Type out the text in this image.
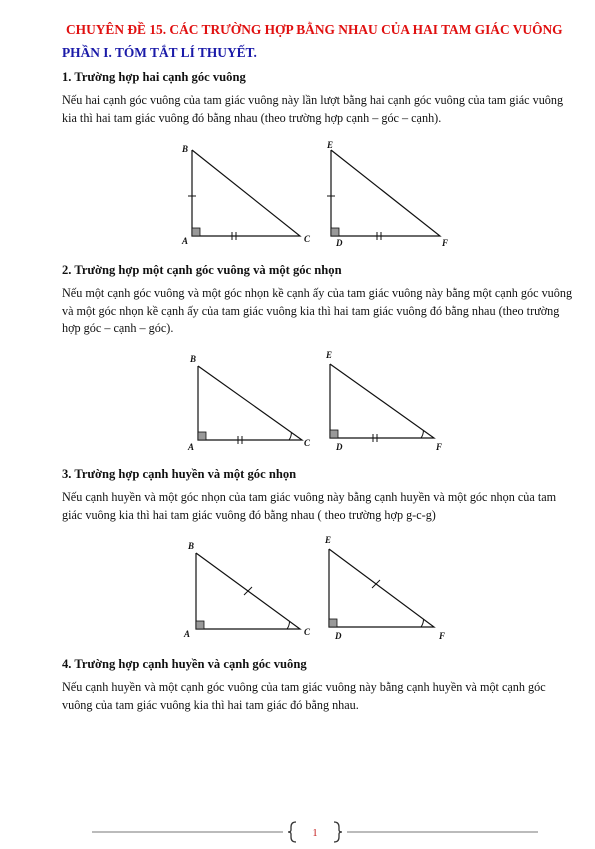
CHUYÊN ĐỀ 15. CÁC TRƯỜNG HỢP BẰNG NHAU CỦA HAI TAM GIÁC VUÔNG
PHẦN I. TÓM TẮT LÍ THUYẾT.
1. Trường hợp hai cạnh góc vuông
Nếu hai cạnh góc vuông của tam giác vuông này lần lượt bằng hai cạnh góc vuông của tam giác vuông kia thì hai tam giác vuông đó bằng nhau (theo trường hợp cạnh – góc – cạnh).
B
A	C
E
D	F
2. Trường hợp một cạnh góc vuông và một góc nhọn
Nếu một cạnh góc vuông và một góc nhọn kề cạnh ấy của tam giác vuông này bằng một cạnh góc vuông và một góc nhọn kề cạnh ấy của tam giác vuông kia thì hai tam giác vuông đó bằng nhau (theo trường hợp góc – cạnh – góc).
B
A	C
E
D	F
3. Trường hợp cạnh huyền và một góc nhọn
Nếu cạnh huyền và một góc nhọn của tam giác vuông này bằng cạnh huyền và một góc nhọn của tam giác vuông kia thì hai tam giác vuông đó bằng nhau ( theo trường hợp g-c-g)
B
A	C
E
D	F
4. Trường hợp cạnh huyền và cạnh góc vuông
Nếu cạnh huyền và một cạnh góc vuông của tam giác vuông này bằng cạnh huyền và một cạnh góc vuông của tam giác vuông kia thì hai tam giác đó bằng nhau.
1
